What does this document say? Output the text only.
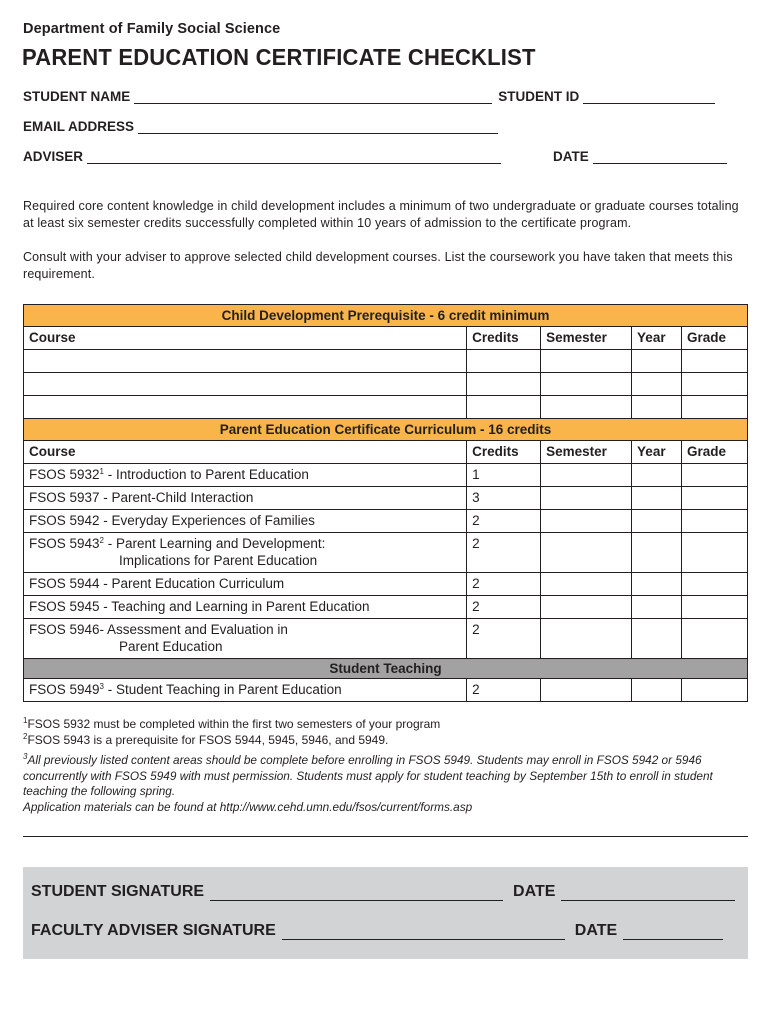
Department of Family Social Science
PARENT EDUCATION CERTIFICATE CHECKLIST
STUDENT NAME	STUDENT ID
EMAIL ADDRESS
ADVISER	DATE
Required core content knowledge in child development includes a minimum of two undergraduate or graduate courses totaling at least six semester credits successfully completed within 10 years of admission to the certificate program.
Consult with your adviser to approve selected child development courses. List the coursework you have taken that meets this requirement.
Child Development Prerequisite - 6 credit minimum				
Course	Credits	Semester	Year	Grade

Parent Education Certificate Curriculum - 16 credits				
Course	Credits	Semester	Year	Grade
FSOS 5932$^1$ - Introduction to Parent Education	1			
FSOS 5937 - Parent-Child Interaction	3			
FSOS 5942 - Everyday Experiences of Families	2			
FSOS 5943$^2$ - Parent Learning and Development:
Implications for Parent Education	2			
FSOS 5944 - Parent Education Curriculum	2			
FSOS 5945 - Teaching and Learning in Parent Education	2			
FSOS 5946- Assessment and Evaluation in
Parent Education	2			
Student Teaching				
FSOS 5949$^3$ - Student Teaching in Parent Education	2			
$^1$FSOS 5932 must be completed within the first two semesters of your program
$^2$FSOS 5943 is a prerequisite for FSOS 5944, 5945, 5946, and 5949.
$^3$All previously listed content areas should be complete before enrolling in FSOS 5949. Students may enroll in FSOS 5942 or 5946 concurrently with FSOS 5949 with must permission. Students must apply for student teaching by September 15th to enroll in student teaching the following spring.
Application materials can be found at http://www.cehd.umn.edu/fsos/current/forms.asp
STUDENT SIGNATURE	DATE
FACULTY ADVISER SIGNATURE	DATE
